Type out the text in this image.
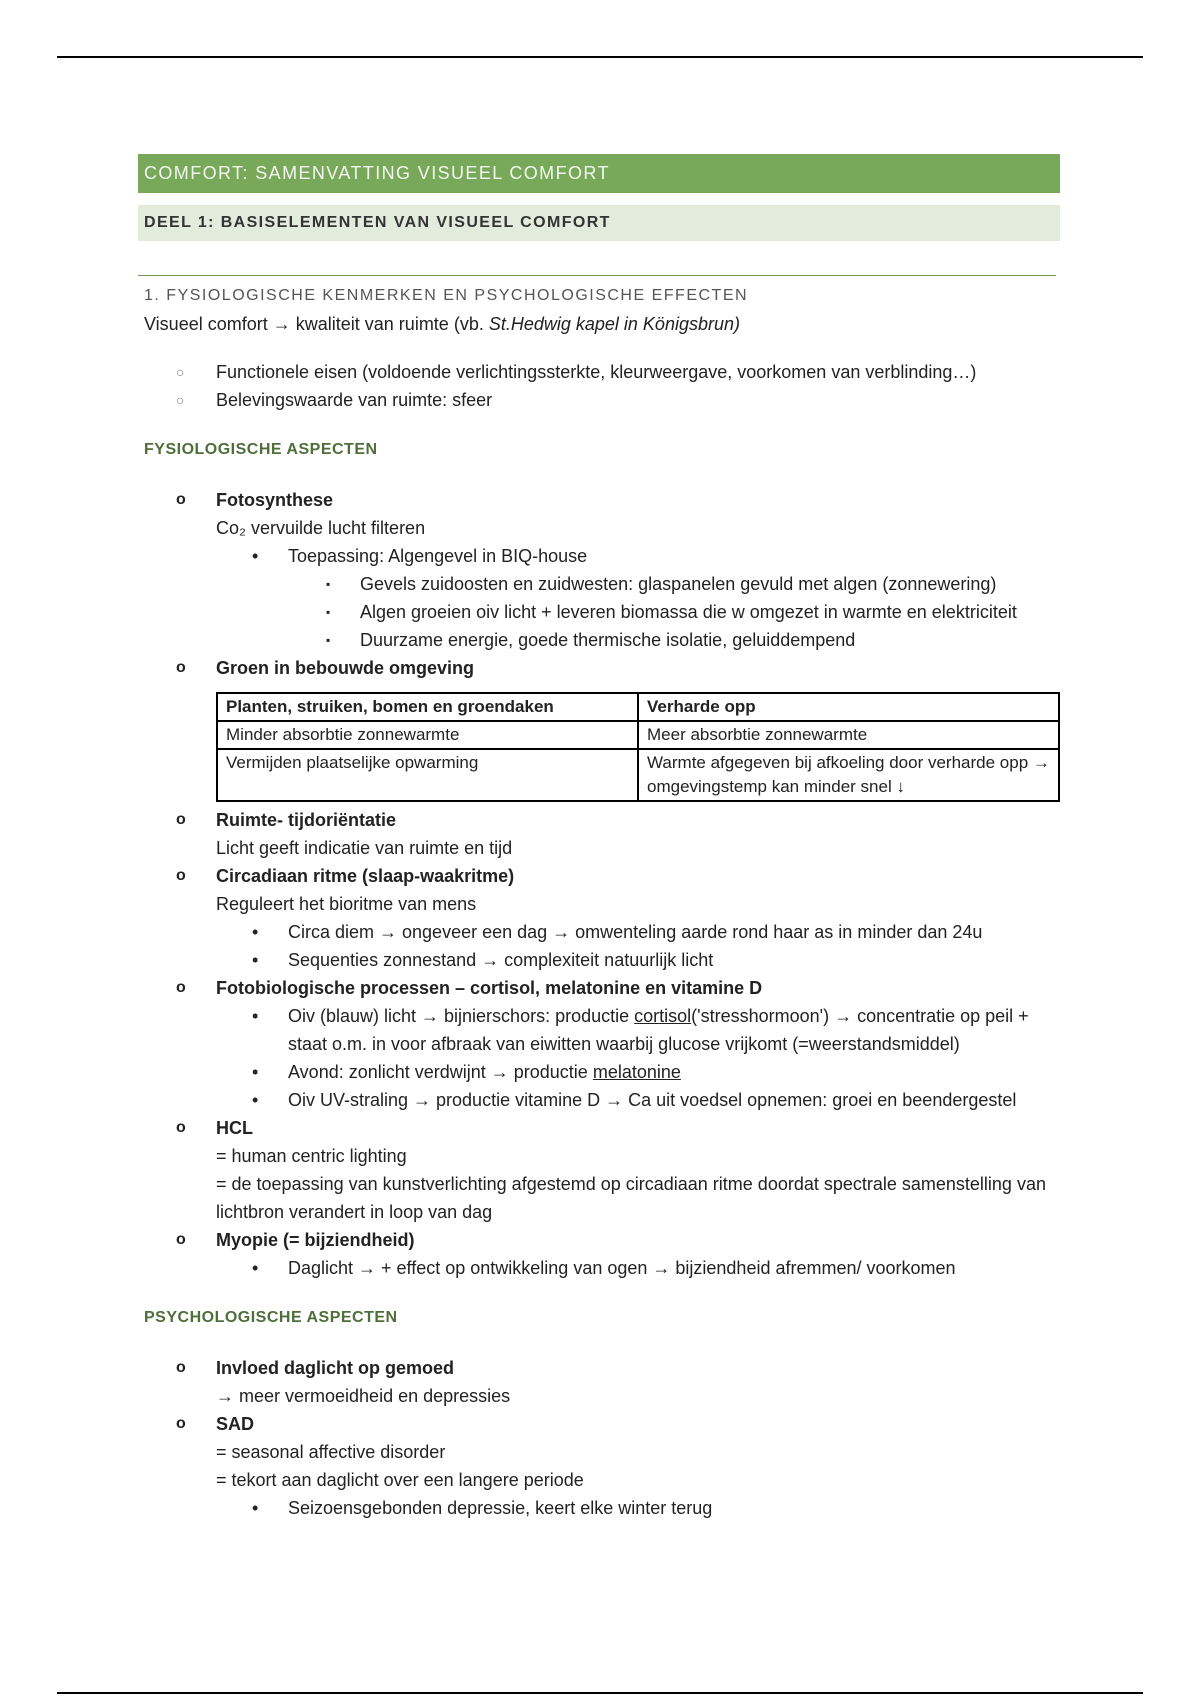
COMFORT: SAMENVATTING VISUEEL COMFORT
DEEL 1: BASISELEMENTEN VAN VISUEEL COMFORT
1. FYSIOLOGISCHE KENMERKEN EN PSYCHOLOGISCHE EFFECTEN
Visueel comfort → kwaliteit van ruimte (vb. St.Hedwig kapel in Königsbrun)
○ Functionele eisen (voldoende verlichtingssterkte, kleurweergave, voorkomen van verblinding…)
○ Belevingswaarde van ruimte: sfeer
FYSIOLOGISCHE ASPECTEN
o Fotosynthese
Co₂ vervuilde lucht filteren
• Toepassing: Algengevel in BIQ-house
▪ Gevels zuidoosten en zuidwesten: glaspanelen gevuld met algen (zonnewering)
▪ Algen groeien oiv licht + leveren biomassa die w omgezet in warmte en elektriciteit
▪ Duurzame energie, goede thermische isolatie, geluiddempend
o Groen in bebouwde omgeving
Planten, struiken, bomen en groendaken	Verharde opp
Minder absorbtie zonnewarmte	Meer absorbtie zonnewarmte
Vermijden plaatselijke opwarming	Warmte afgegeven bij afkoeling door verharde opp → omgevingstemp kan minder snel ↓
o Ruimte- tijdoriëntatie
Licht geeft indicatie van ruimte en tijd
o Circadiaan ritme (slaap-waakritme)
Reguleert het bioritme van mens
• Circa diem → ongeveer een dag → omwenteling aarde rond haar as in minder dan 24u
• Sequenties zonnestand → complexiteit natuurlijk licht
o Fotobiologische processen – cortisol, melatonine en vitamine D
• Oiv (blauw) licht → bijnierschors: productie cortisol('stresshormoon') → concentratie op peil + staat o.m. in voor afbraak van eiwitten waarbij glucose vrijkomt (=weerstandsmiddel)
• Avond: zonlicht verdwijnt → productie melatonine
• Oiv UV-straling → productie vitamine D → Ca uit voedsel opnemen: groei en beendergestel
o HCL
= human centric lighting
= de toepassing van kunstverlichting afgestemd op circadiaan ritme doordat spectrale samenstelling van lichtbron verandert in loop van dag
o Myopie (= bijziendheid)
• Daglicht → + effect op ontwikkeling van ogen → bijziendheid afremmen/ voorkomen
PSYCHOLOGISCHE ASPECTEN
o Invloed daglicht op gemoed
→ meer vermoeidheid en depressies
o SAD
= seasonal affective disorder
= tekort aan daglicht over een langere periode
• Seizoensgebonden depressie, keert elke winter terug
